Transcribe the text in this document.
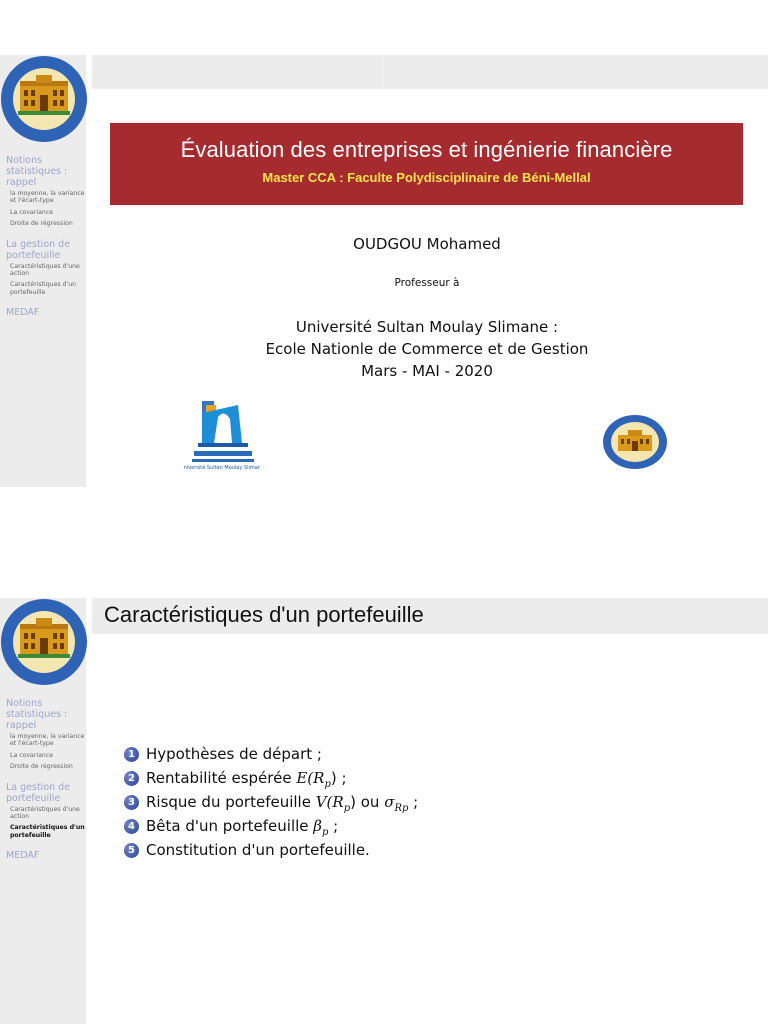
Notions statistiques : rappel
la moyenne, la variance et l'écart-type
La covariance
Droite de régression
La gestion de portefeuille
Caractéristiques d'une action
Caractéristiques d'un portefeuille
MEDAF
Évaluation des entreprises et ingénierie financière
Master CCA : Faculte Polydisciplinaire de Béni-Mellal
OUDGOU Mohamed
Professeur à
Université Sultan Moulay Slimane :
Ecole Nationle de Commerce et de Gestion
Mars - MAI - 2020
Université Sultan Moulay Slimane
Notions statistiques : rappel
la moyenne, la variance et l'écart-type
La covariance
Droite de régression
La gestion de portefeuille
Caractéristiques d'une action
Caractéristiques d'un portefeuille
MEDAF
Caractéristiques d'un portefeuille
1 Hypothèses de départ ;
2 Rentabilité espérée $E(R_p)$ ;
3 Risque du portefeuille $V(R_p)$ ou $\sigma_{Rp}$ ;
4 Bêta d'un portefeuille $\beta_p$ ;
5 Constitution d'un portefeuille.
